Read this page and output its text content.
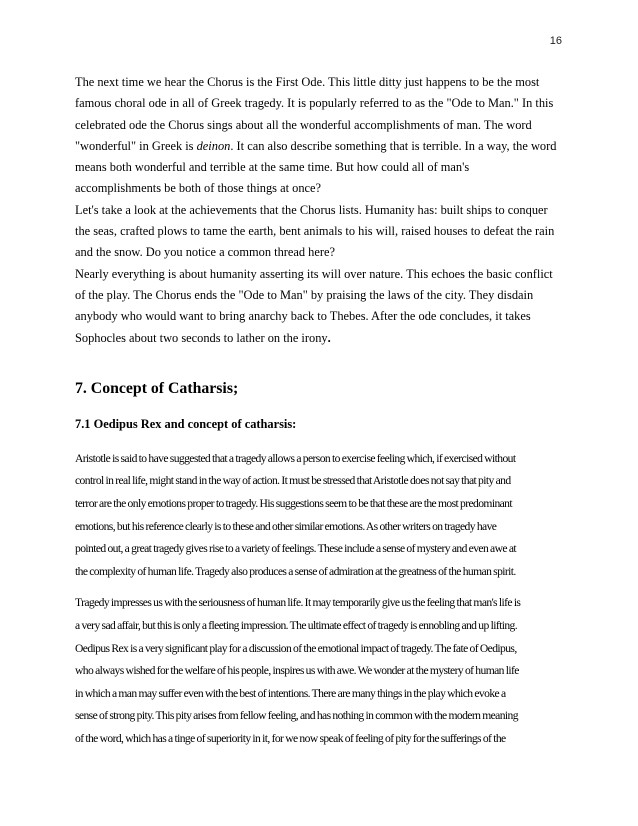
16

The next time we hear the Chorus is the First Ode. This little ditty just happens to be the most
famous choral ode in all of Greek tragedy. It is popularly referred to as the "Ode to Man." In this
celebrated ode the Chorus sings about all the wonderful accomplishments of man. The word
"wonderful" in Greek is deinon. It can also describe something that is terrible. In a way, the word
means both wonderful and terrible at the same time. But how could all of man's
accomplishments be both of those things at once?
Let's take a look at the achievements that the Chorus lists. Humanity has: built ships to conquer
the seas, crafted plows to tame the earth, bent animals to his will, raised houses to defeat the rain
and the snow. Do you notice a common thread here?
Nearly everything is about humanity asserting its will over nature. This echoes the basic conflict
of the play. The Chorus ends the "Ode to Man" by praising the laws of the city. They disdain
anybody who would want to bring anarchy back to Thebes. After the ode concludes, it takes
Sophocles about two seconds to lather on the irony.

7. Concept of Catharsis;
7.1 Oedipus Rex and concept of catharsis:

Aristotle is said to have suggested that a tragedy allows a person to exercise feeling which, if exercised without
control in real life, might stand in the way of action. It must be stressed that Aristotle does not say that pity and
terror are the only emotions proper to tragedy. His suggestions seem to be that these are the most predominant
emotions, but his reference clearly is to these and other similar emotions. As other writers on tragedy have
pointed out, a great tragedy gives rise to a variety of feelings. These include a sense of mystery and even awe at
the complexity of human life. Tragedy also produces a sense of admiration at the greatness of the human spirit.

Tragedy impresses us with the seriousness of human life. It may temporarily give us the feeling that man's life is
a very sad affair, but this is only a fleeting impression. The ultimate effect of tragedy is ennobling and up lifting.
Oedipus Rex is a very significant play for a discussion of the emotional impact of tragedy. The fate of Oedipus,
who always wished for the welfare of his people, inspires us with awe. We wonder at the mystery of human life
in which a man may suffer even with the best of intentions. There are many things in the play which evoke a
sense of strong pity. This pity arises from fellow feeling, and has nothing in common with the modern meaning
of the word, which has a tinge of superiority in it, for we now speak of feeling of pity for the sufferings of the
